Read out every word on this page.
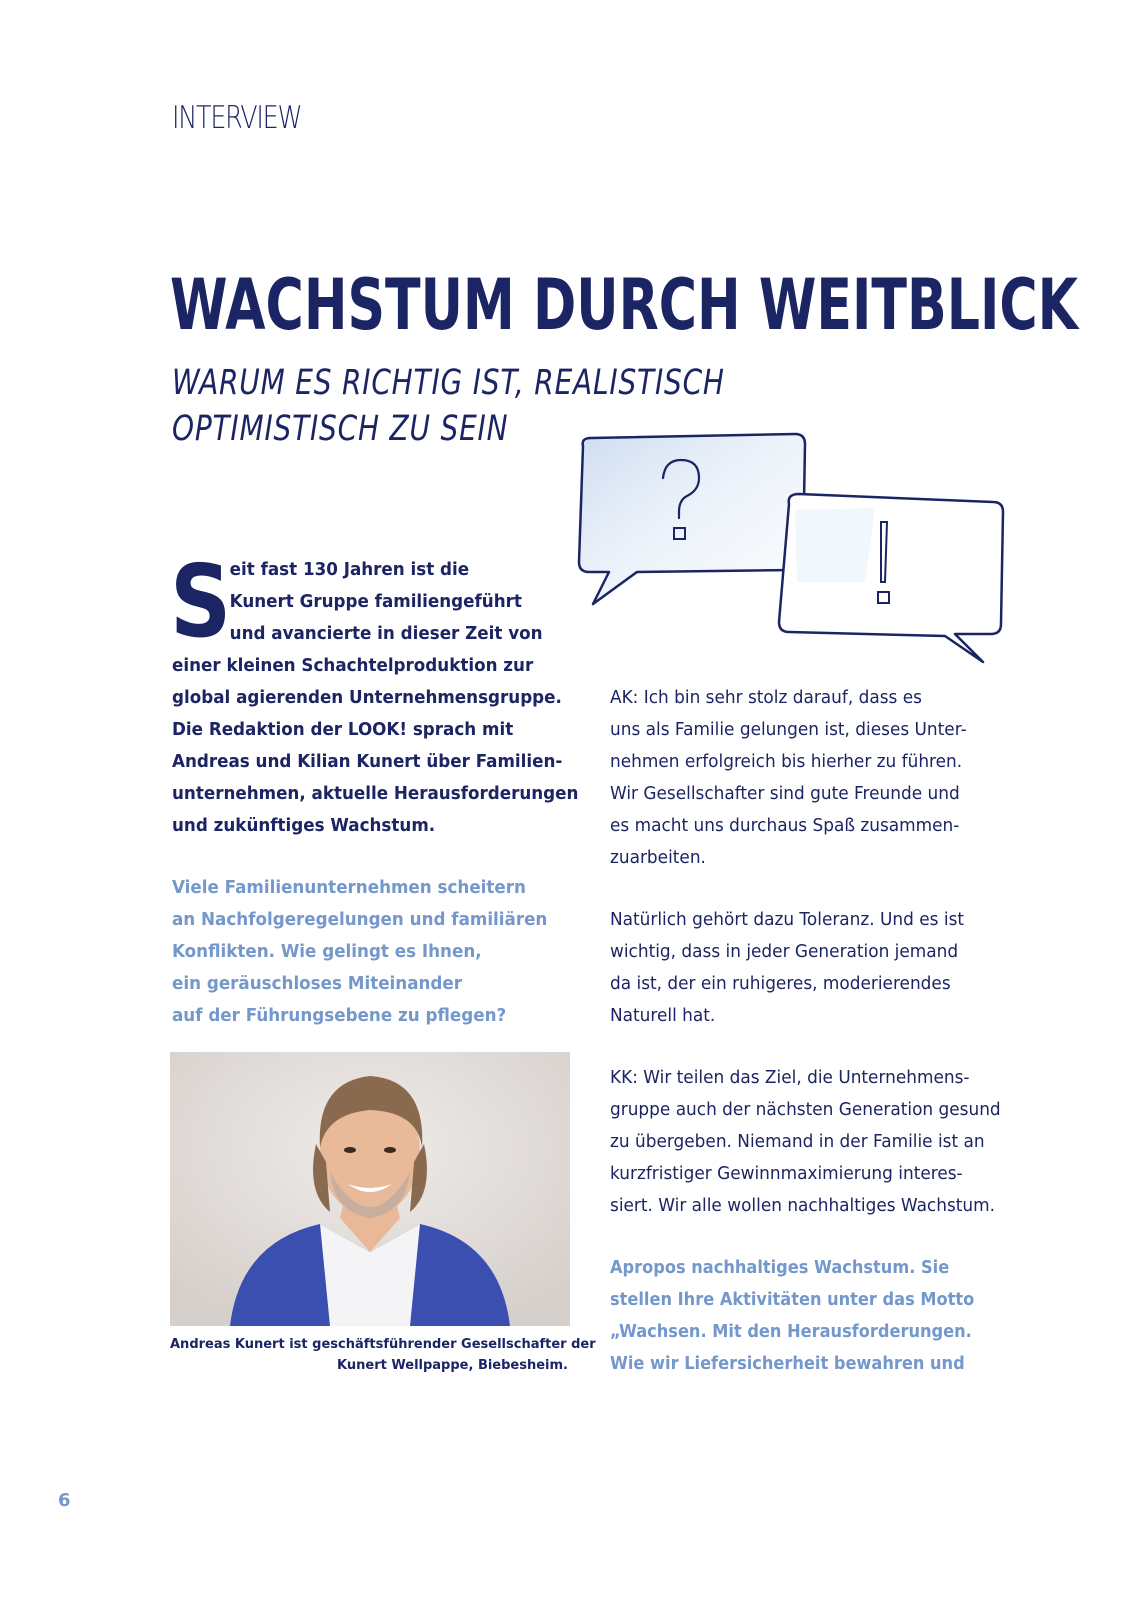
INTERVIEW
WACHSTUM DURCH WEITBLICK
WARUM ES RICHTIG IST, REALISTISCH
OPTIMISTISCH ZU SEIN
S
eit fast 130 Jahren ist die
Kunert Gruppe familiengeführt
und avancierte in dieser Zeit von
einer kleinen Schachtelproduktion zur
global agierenden Unternehmensgruppe.
Die Redaktion der LOOK! sprach mit
Andreas und Kilian Kunert über Familien-
unternehmen, aktuelle Herausforderungen
und zukünftiges Wachstum.
Viele Familienunternehmen scheitern
an Nachfolgeregelungen und familiären
Konflikten. Wie gelingt es Ihnen,
ein geräuschloses Miteinander
auf der Führungsebene zu pflegen?
Andreas Kunert ist geschäftsführender Gesellschafter der
Kunert Wellpappe, Biebesheim.
AK: Ich bin sehr stolz darauf, dass es
uns als Familie gelungen ist, dieses Unter-
nehmen erfolgreich bis hierher zu führen.
Wir Gesellschafter sind gute Freunde und
es macht uns durchaus Spaß zusammen-
zuarbeiten.
Natürlich gehört dazu Toleranz. Und es ist
wichtig, dass in jeder Generation jemand
da ist, der ein ruhigeres, moderierendes
Naturell hat.
KK: Wir teilen das Ziel, die Unternehmens-
gruppe auch der nächsten Generation gesund
zu übergeben. Niemand in der Familie ist an
kurzfristiger Gewinnmaximierung interes-
siert. Wir alle wollen nachhaltiges Wachstum.
Apropos nachhaltiges Wachstum. Sie
stellen Ihre Aktivitäten unter das Motto
„Wachsen. Mit den Herausforderungen.
Wie wir Liefersicherheit bewahren und
6
